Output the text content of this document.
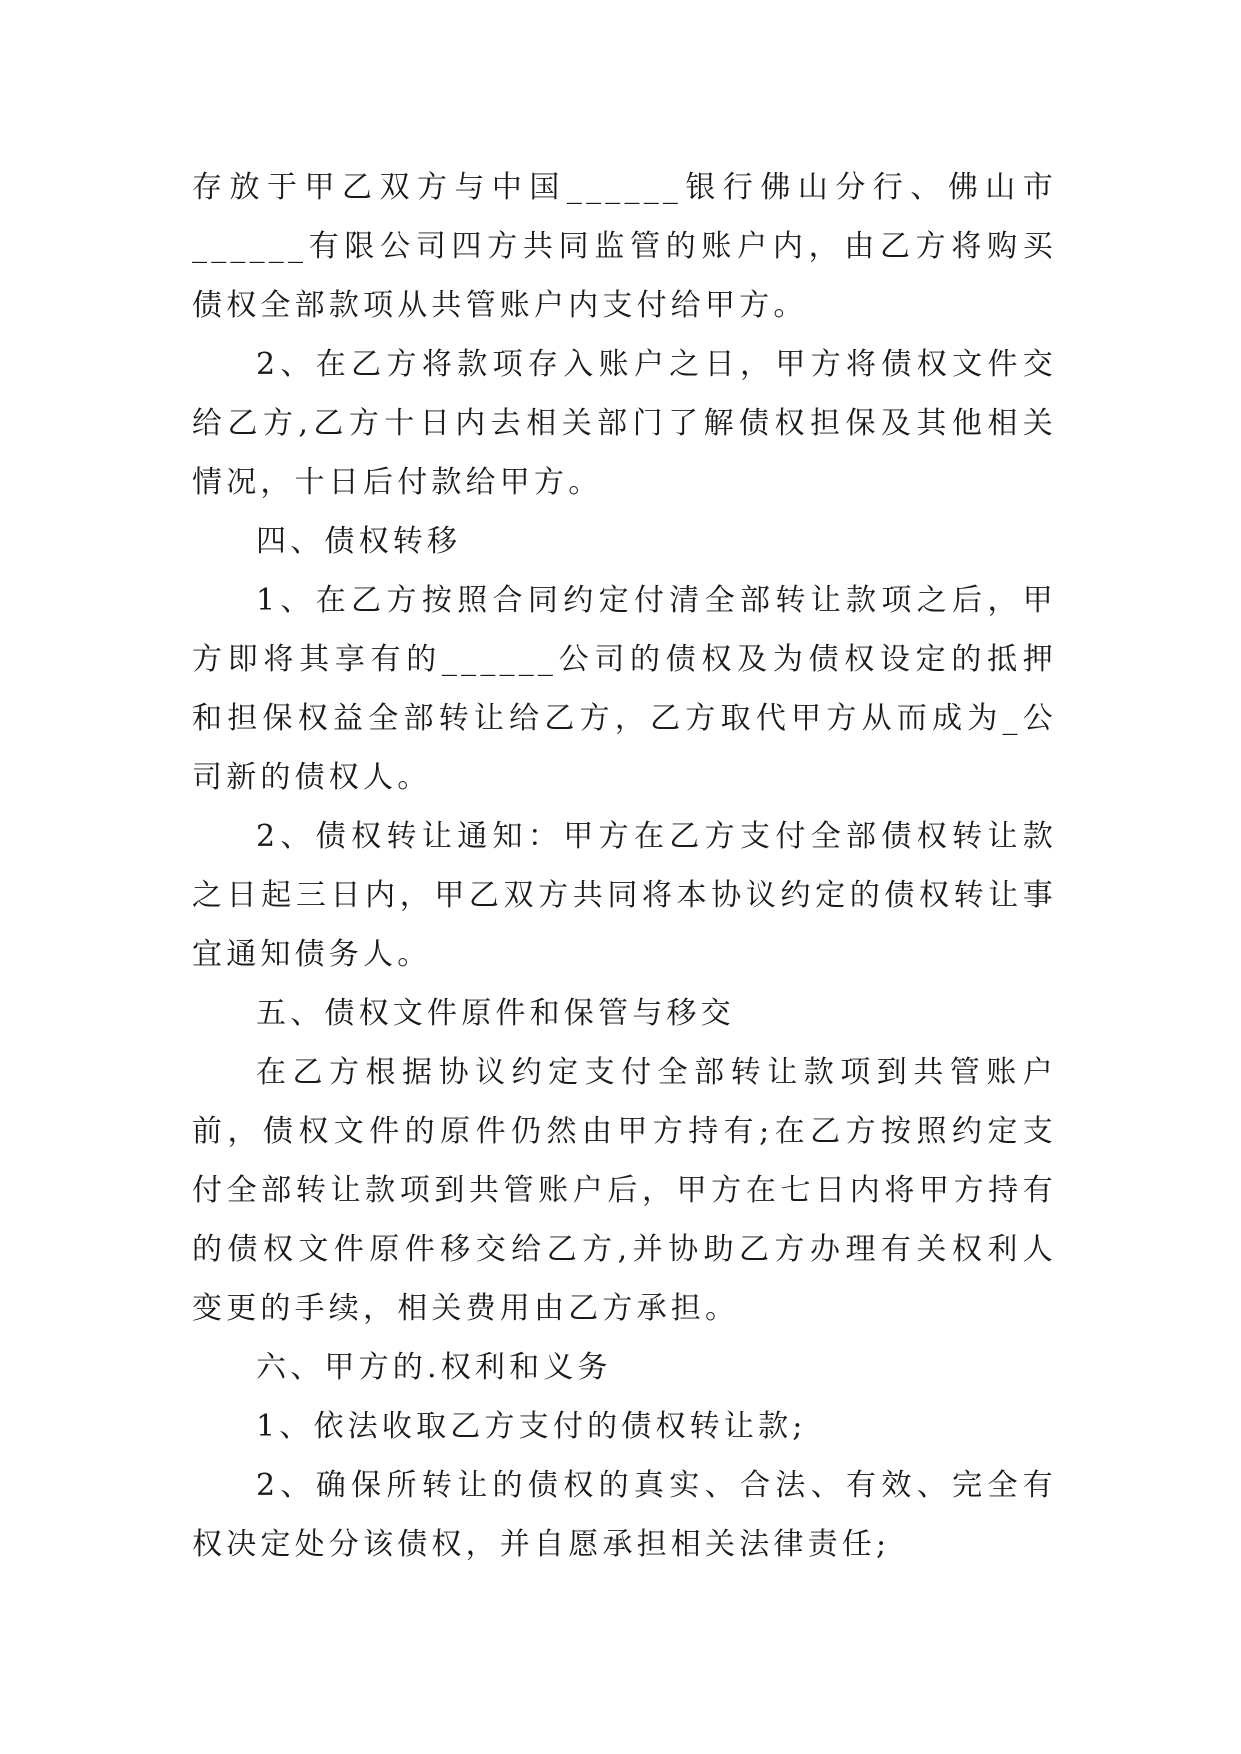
存放于甲乙双方与中国______银行佛山分行、佛山市______有限公司四方共同监管的账户内，由乙方将购买债权全部款项从共管账户内支付给甲方。

2、在乙方将款项存入账户之日，甲方将债权文件交给乙方,乙方十日内去相关部门了解债权担保及其他相关情况，十日后付款给甲方。

四、债权转移

1、在乙方按照合同约定付清全部转让款项之后，甲方即将其享有的______公司的债权及为债权设定的抵押和担保权益全部转让给乙方，乙方取代甲方从而成为_公司新的债权人。

2、债权转让通知：甲方在乙方支付全部债权转让款之日起三日内，甲乙双方共同将本协议约定的债权转让事宜通知债务人。

五、债权文件原件和保管与移交

在乙方根据协议约定支付全部转让款项到共管账户前，债权文件的原件仍然由甲方持有;在乙方按照约定支付全部转让款项到共管账户后，甲方在七日内将甲方持有的债权文件原件移交给乙方,并协助乙方办理有关权利人变更的手续，相关费用由乙方承担。

六、甲方的.权利和义务

1、依法收取乙方支付的债权转让款;

2、确保所转让的债权的真实、合法、有效、完全有权决定处分该债权，并自愿承担相关法律责任;
